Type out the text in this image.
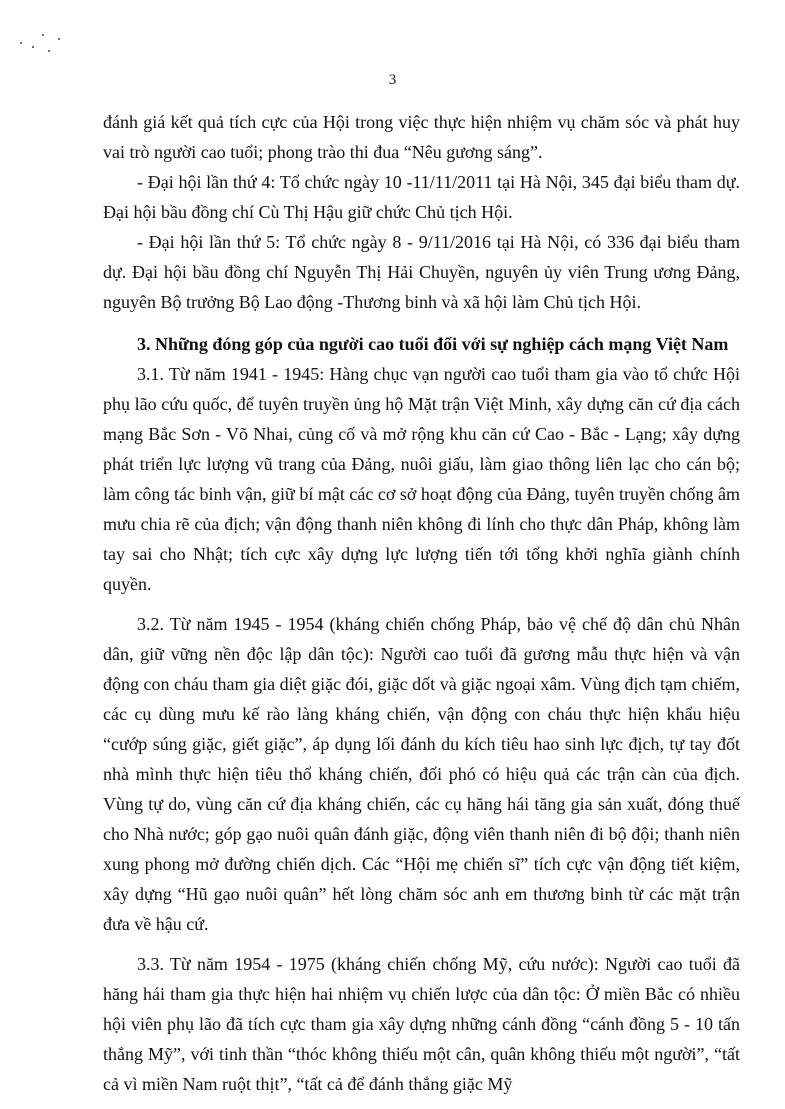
3

đánh giá kết quả tích cực của Hội trong việc thực hiện nhiệm vụ chăm sóc và phát huy vai trò người cao tuổi; phong trào thi đua “Nêu gương sáng”.

- Đại hội lần thứ 4: Tổ chức ngày 10 -11/11/2011 tại Hà Nội, 345 đại biểu tham dự. Đại hội bầu đồng chí Cù Thị Hậu giữ chức Chủ tịch Hội.

- Đại hội lần thứ 5: Tổ chức ngày 8 - 9/11/2016 tại Hà Nội, có 336 đại biểu tham dự. Đại hội bầu đồng chí Nguyễn Thị Hải Chuyền, nguyên ủy viên Trung ương Đảng, nguyên Bộ trưởng Bộ Lao động -Thương binh và xã hội làm Chủ tịch Hội.

3. Những đóng góp của người cao tuổi đối với sự nghiệp cách mạng Việt Nam

3.1. Từ năm 1941 - 1945: Hàng chục vạn người cao tuổi tham gia vào tổ chức Hội phụ lão cứu quốc, để tuyên truyền ủng hộ Mặt trận Việt Minh, xây dựng căn cứ địa cách mạng Bắc Sơn - Võ Nhai, củng cố và mở rộng khu căn cứ Cao - Bắc - Lạng; xây dựng phát triển lực lượng vũ trang của Đảng, nuôi giấu, làm giao thông liên lạc cho cán bộ; làm công tác binh vận, giữ bí mật các cơ sở hoạt động của Đảng, tuyên truyền chống âm mưu chia rẽ của địch; vận động thanh niên không đi lính cho thực dân Pháp, không làm tay sai cho Nhật; tích cực xây dựng lực lượng tiến tới tổng khởi nghĩa giành chính quyền.

3.2. Từ năm 1945 - 1954 (kháng chiến chống Pháp, bảo vệ chế độ dân chủ Nhân dân, giữ vững nền độc lập dân tộc): Người cao tuổi đã gương mẫu thực hiện và vận động con cháu tham gia diệt giặc đói, giặc dốt và giặc ngoại xâm. Vùng địch tạm chiếm, các cụ dùng mưu kế rào làng kháng chiến, vận động con cháu thực hiện khẩu hiệu “cướp súng giặc, giết giặc”, áp dụng lối đánh du kích tiêu hao sinh lực địch, tự tay đốt nhà mình thực hiện tiêu thổ kháng chiến, đối phó có hiệu quả các trận càn của địch. Vùng tự do, vùng căn cứ địa kháng chiến, các cụ hăng hái tăng gia sản xuất, đóng thuế cho Nhà nước; góp gạo nuôi quân đánh giặc, động viên thanh niên đi bộ đội; thanh niên xung phong mở đường chiến dịch. Các “Hội mẹ chiến sĩ” tích cực vận động tiết kiệm, xây dựng “Hũ gạo nuôi quân” hết lòng chăm sóc anh em thương binh từ các mặt trận đưa về hậu cứ.

3.3. Từ năm 1954 - 1975 (kháng chiến chống Mỹ, cứu nước): Người cao tuổi đã hăng hái tham gia thực hiện hai nhiệm vụ chiến lược của dân tộc: Ở miền Bắc có nhiều hội viên phụ lão đã tích cực tham gia xây dựng những cánh đồng “cánh đồng 5 - 10 tấn thắng Mỹ”, với tinh thần “thóc không thiếu một cân, quân không thiếu một người”, “tất cả vì miền Nam ruột thịt”, “tất cả để đánh thắng giặc Mỹ
